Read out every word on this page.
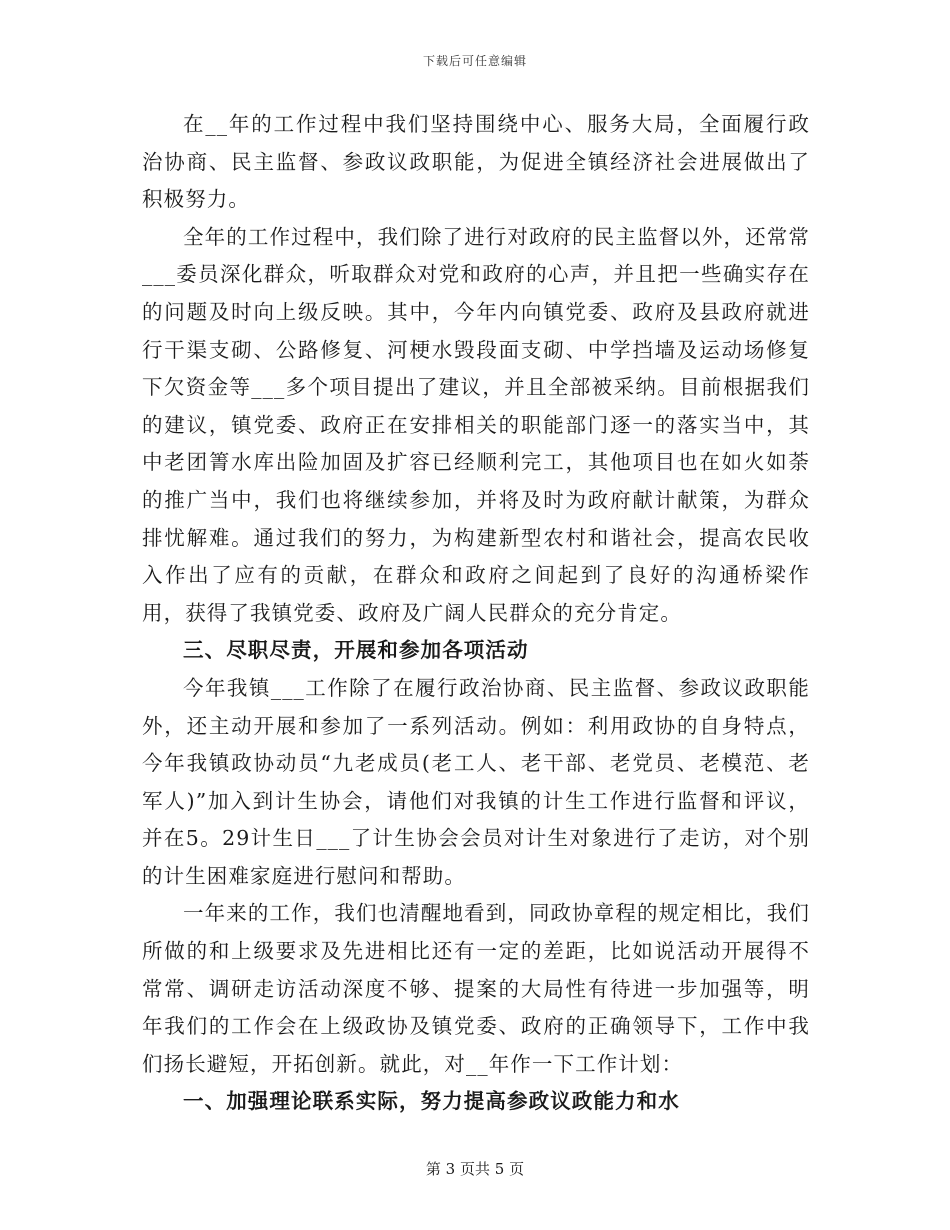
下载后可任意编辑

在__年的工作过程中我们坚持围绕中心、服务大局，全面履行政治协商、民主监督、参政议政职能，为促进全镇经济社会进展做出了积极努力。

全年的工作过程中，我们除了进行对政府的民主监督以外，还常常___委员深化群众，听取群众对党和政府的心声，并且把一些确实存在的问题及时向上级反映。其中，今年内向镇党委、政府及县政府就进行干渠支砌、公路修复、河梗水毁段面支砌、中学挡墙及运动场修复下欠资金等___多个项目提出了建议，并且全部被采纳。目前根据我们的建议，镇党委、政府正在安排相关的职能部门逐一的落实当中，其中老团箐水库出险加固及扩容已经顺利完工，其他项目也在如火如荼的推广当中，我们也将继续参加，并将及时为政府献计献策，为群众排忧解难。通过我们的努力，为构建新型农村和谐社会，提高农民收入作出了应有的贡献，在群众和政府之间起到了良好的沟通桥梁作用，获得了我镇党委、政府及广阔人民群众的充分肯定。

三、尽职尽责，开展和参加各项活动

今年我镇___工作除了在履行政治协商、民主监督、参政议政职能外，还主动开展和参加了一系列活动。例如：利用政协的自身特点，今年我镇政协动员“九老成员(老工人、老干部、老党员、老模范、老军人)”加入到计生协会，请他们对我镇的计生工作进行监督和评议，并在5。29计生日___了计生协会会员对计生对象进行了走访，对个别的计生困难家庭进行慰问和帮助。

一年来的工作，我们也清醒地看到，同政协章程的规定相比，我们所做的和上级要求及先进相比还有一定的差距，比如说活动开展得不常常、调研走访活动深度不够、提案的大局性有待进一步加强等，明年我们的工作会在上级政协及镇党委、政府的正确领导下，工作中我们扬长避短，开拓创新。就此，对__年作一下工作计划：

一、加强理论联系实际，努力提高参政议政能力和水

第 3 页共 5 页
